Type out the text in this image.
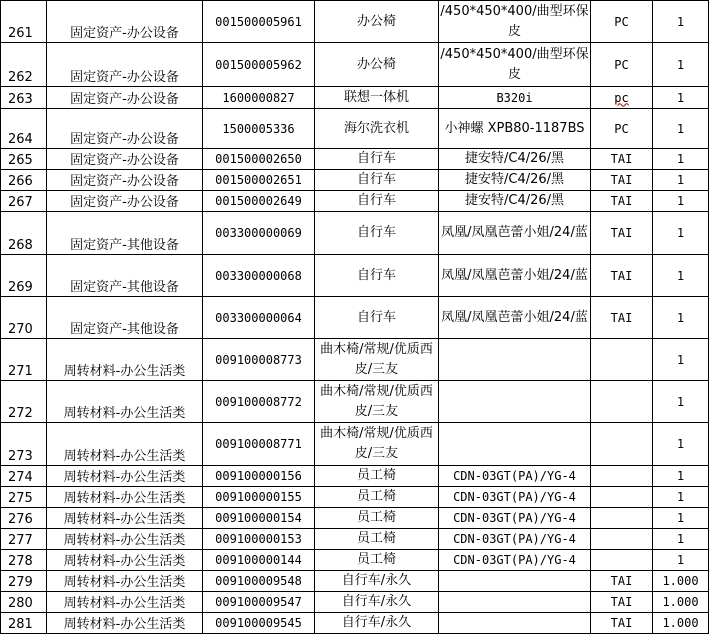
261	固定资产-办公设备	001500005961	办公椅	/450*450*400/曲型环保皮	PC	1
262	固定资产-办公设备	001500005962	办公椅	/450*450*400/曲型环保皮	PC	1
263	固定资产-办公设备	1600000827	联想一体机	B320i	pc	1
264	固定资产-办公设备	1500005336	海尔洗衣机	小神螺 XPB80-1187BS	PC	1
265	固定资产-办公设备	001500002650	自行车	捷安特/C4/26/黑	TAI	1
266	固定资产-办公设备	001500002651	自行车	捷安特/C4/26/黑	TAI	1
267	固定资产-办公设备	001500002649	自行车	捷安特/C4/26/黑	TAI	1
268	固定资产-其他设备	003300000069	自行车	凤凰/凤凰芭蕾小姐/24/蓝	TAI	1
269	固定资产-其他设备	003300000068	自行车	凤凰/凤凰芭蕾小姐/24/蓝	TAI	1
270	固定资产-其他设备	003300000064	自行车	凤凰/凤凰芭蕾小姐/24/蓝	TAI	1
271	周转材料-办公生活类	009100008773	曲木椅/常规/优质西皮/三友			1
272	周转材料-办公生活类	009100008772	曲木椅/常规/优质西皮/三友			1
273	周转材料-办公生活类	009100008771	曲木椅/常规/优质西皮/三友			1
274	周转材料-办公生活类	009100000156	员工椅	CDN-03GT(PA)/YG-4		1
275	周转材料-办公生活类	009100000155	员工椅	CDN-03GT(PA)/YG-4		1
276	周转材料-办公生活类	009100000154	员工椅	CDN-03GT(PA)/YG-4		1
277	周转材料-办公生活类	009100000153	员工椅	CDN-03GT(PA)/YG-4		1
278	周转材料-办公生活类	009100000144	员工椅	CDN-03GT(PA)/YG-4		1
279	周转材料-办公生活类	009100009548	自行车/永久		TAI	1.000
280	周转材料-办公生活类	009100009547	自行车/永久		TAI	1.000
281	周转材料-办公生活类	009100009545	自行车/永久		TAI	1.000
